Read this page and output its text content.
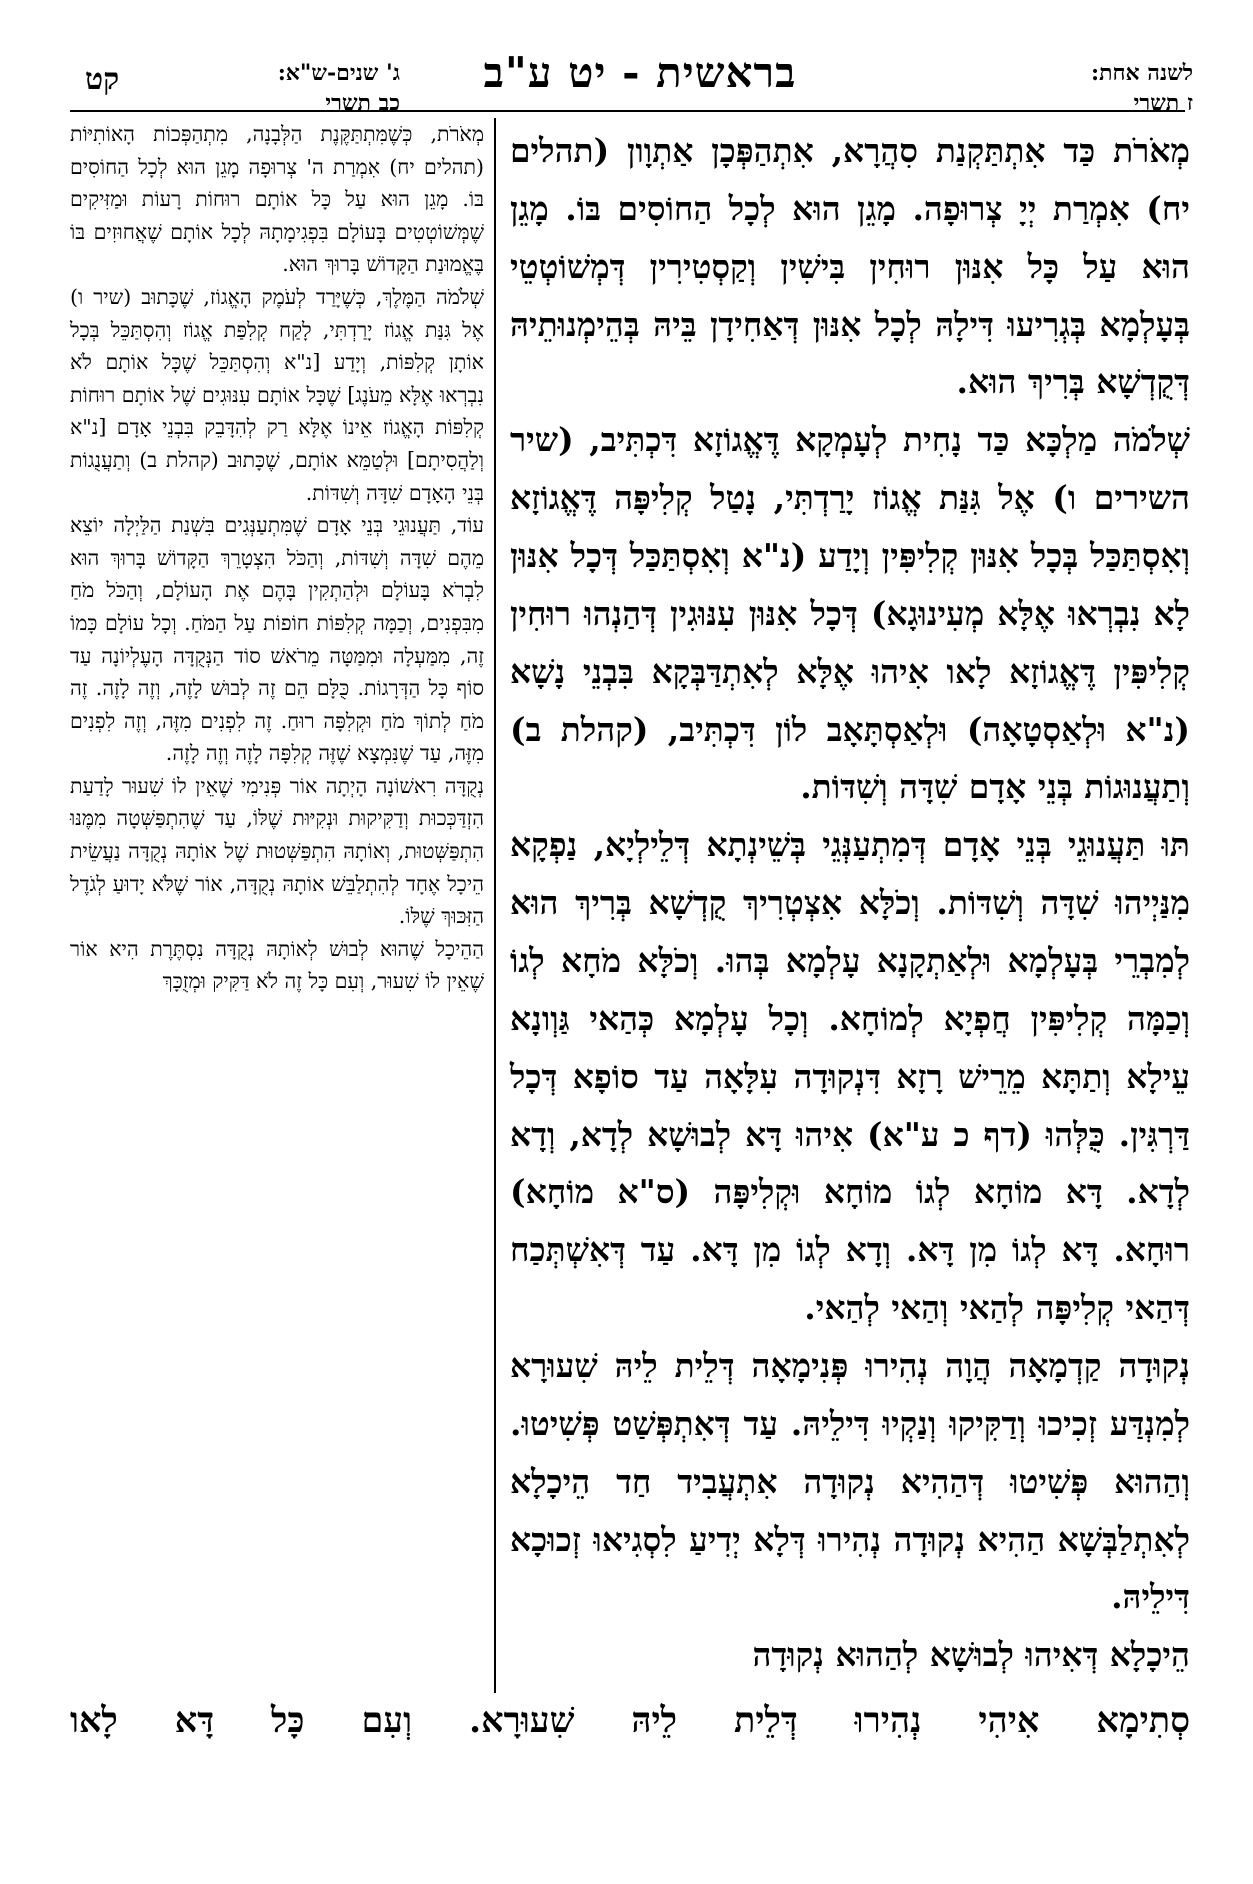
לשנה אחת:
ז תשרי
בראשית - יט ע"ב
ג' שנים-ש"א:
כב תשרי
קט

מְאֹרֹת כַּד אִתְתַּקְנַת סִהֲרָא, אִתְהַפְּכָן אַתְוָון (תהלים יח) אִמְרַת יְיָ צְרוּפָה. מָגֵן הוּא לְכָל הַחוֹסִים בּוֹ. מָגֵן הוּא עַל כָּל אִנּוּן רוּחִין בִּישִׁין וְקַסְטִירִין דְּמְשׁוֹטְטֵי בְּעָלְמָא בְּגְרִיעוּ דִּילָהּ לְכָל אִנּוּן דְּאַחִידָן בֵּיהּ בְּהֵימְנוּתֵיהּ דְּקֻדְשָׁא בְּרִיךְ הוּא.

שְׁלֹמֹה מַלְכָּא כַּד נָחִית לְעָמְקָא דֶּאֱגוֹזָא דִּכְתִּיב, (שיר השירים ו) אֶל גִּנַּת אֱגוֹז יָרַדְתִּי, נָטַל קְלִיפָּה דֶּאֱגוֹזָא וְאִסְתַּכַּל בְּכָל אִנּוּן קְלִיפִּין וְיָדַע (נ"א וְאִסְתַּכַּל דְּכָל אִנּוּן לָא נִבְרְאוּ אֶלָּא מְעִינוּגָא) דְּכָל אִנּוּן עִנּוּגִין דְּהַנְהוּ רוּחִין קְלִיפִּין דֶּאֱגוֹזָא לָאו אִיהוּ אֶלָּא לְאִתְדַּבְּקָא בִּבְנֵי נָשָׁא (נ"א וּלְאַסְטָאָה) וּלְאַסְתָּאָב לוֹן דִּכְתִּיב, (קהלת ב) וְתַעֲנוּגוֹת בְּנֵי אָדָם שִׁדָּה וְשִׁדּוֹת.

תּוּ תַּעֲנוּגֵי בְּנֵי אָדָם דְּמִתְעַנְּגֵי בְּשֵׁינְתָא דְּלֵילְיָא, נַפְקָא מִנַּיְיהוּ שִׁדָּה וְשִׁדּוֹת. וְכֹלָּא אִצְטְרִיךְ קֻדְשָׁא בְּרִיךְ הוּא לְמִבְרֵי בְּעָלְמָא וּלְאַתְקָנָא עָלְמָא בְּהוּ. וְכֹלָּא מֹחָא לְגוֹ וְכַמָּה קְלִיפִּין חֲפְיָא לְמוֹחָא. וְכָל עָלְמָא כְּהַאי גַּוְונָא עֵילָא וְתַתָּא מֵרֵישׁ רָזָא דִּנְקוּדָה עִלָּאָה עַד סוֹפָא דְּכָל דַּרְגִּין. כֻּלְּהוּ (דף כ ע"א) אִיהוּ דָּא לְבוּשָׁא לְדָא, וְדָא לְדָא. דָּא מוֹחָא לְגוֹ מוֹחָא וּקְלִיפָּה (ס"א מוֹחָא) רוּחָא. דָּא לְגוֹ מִן דָּא. וְדָא לְגוֹ מִן דָּא. עַד דְּאִשְׁתְּכַח דְּהַאי קְלִיפָּה לְהַאי וְהַאי לְהַאי.

נְקוּדָה קַדְמָאָה הֲוָה נְהִירוּ פְּנִימָאָה דְּלֵית לֵיהּ שִׁעוּרָא לְמִנְדַּע זְכִיכוּ וְדַקִּיקוּ וְנַקְיוּ דִּילֵיהּ. עַד דְּאִתְפְּשַׁט פְּשִׁיטוּ. וְהַהוּא פְּשִׁיטוּ דְּהַהִיא נְקוּדָה אִתְעֲבִיד חַד הֵיכָלָא לְאִתְלַבְּשָׁא הַהִיא נְקוּדָה נְהִירוּ דְּלָא יְדִיעַ לִסְגִיאוּ זְכוּכָא דִּילֵיהּ.

הֵיכָלָא דְּאִיהוּ לְבוּשָׁא לְהַהוּא נְקוּדָה

מְאֹרֹת, כְּשֶׁמִּתְתַּקֶּנֶת הַלְּבָנָה, מִתְהַפְּכוֹת הָאוֹתִיּוֹת (תהלים יח) אִמְרַת ה' צְרוּפָה מָגֵן הוּא לְכָל הַחוֹסִים בּוֹ. מָגֵן הוּא עַל כָּל אוֹתָם רוּחוֹת רָעוֹת וּמַזִּיקִים שֶׁמְּשׁוֹטְטִים בָּעוֹלָם בִּפְגִימָתָהּ לְכָל אוֹתָם שֶׁאֲחוּזִים בּוֹ בֶּאֱמוּנַת הַקָּדוֹשׁ בָּרוּךְ הוּא.

שְׁלֹמֹה הַמֶּלֶךְ, כְּשֶׁיָּרַד לְעֹמֶק הָאֱגוֹז, שֶׁכָּתוּב (שיר ו) אֶל גִּנַּת אֱגוֹז יָרַדְתִּי, לָקַח קְלִפַּת אֱגוֹז וְהִסְתַּכֵּל בְּכָל אוֹתָן קְלִפּוֹת, וְיָדַע [נ"א וְהִסְתַּכֵּל שֶׁכָּל אוֹתָם לֹא נִבְרְאוּ אֶלָּא מֵעֹנֶג] שֶׁכָּל אוֹתָם עִנּוּגִים שֶׁל אוֹתָם רוּחוֹת קְלִפּוֹת הָאֱגוֹז אֵינוֹ אֶלָּא רַק לְהִדָּבֵק בִּבְנֵי אָדָם [נ"א וְלַהֲסִיתָם] וּלְטַמֵּא אוֹתָם, שֶׁכָּתוּב (קהלת ב) וְתַעֲנֻגוֹת בְּנֵי הָאָדָם שִׁדָּה וְשִׁדּוֹת.

עוֹד, תַּעֲנוּגֵי בְּנֵי אָדָם שֶׁמִּתְעַנְּגִים בִּשְׁנַת הַלַּיְלָה יוֹצֵא מֵהֶם שִׁדָּה וְשִׁדּוֹת, וְהַכֹּל הִצְטָרֵךְ הַקָּדוֹשׁ בָּרוּךְ הוּא לִבְרֹא בָּעוֹלָם וּלְהַתְקִין בָּהֶם אֶת הָעוֹלָם, וְהַכֹּל מֹחַ מִבִּפְנִים, וְכַמָּה קְלִפּוֹת חוֹפוֹת עַל הַמֹּחַ. וְכָל עוֹלָם כָּמוֹ זֶה, מִמַּעְלָה וּמִמַּטָּה מֵרֹאשׁ סוֹד הַנְּקֻדָּה הָעֶלְיוֹנָה עַד סוֹף כָּל הַדְּרָגוֹת. כֻּלָּם הֵם זֶה לְבוּשׁ לָזֶה, וְזֶה לָזֶה. זֶה מֹחַ לְתוֹךְ מֹחַ וּקְלִפָּה רוּחַ. זֶה לִפְנִים מִזֶּה, וְזֶה לִפְנִים מִזֶּה, עַד שֶׁנִּמְצָא שֶׁזֶּה קְלִפָּה לָזֶה וְזֶה לָזֶה.

נְקֻדָּה רִאשׁוֹנָה הָיְתָה אוֹר פְּנִימִי שֶׁאֵין לוֹ שִׁעוּר לָדַעַת הִזְדַּכְּכוּת וְדַקִּיקוּת וּנְקִיּוּת שֶׁלּוֹ, עַד שֶׁהִתְפַּשְּׁטָה מִמֶּנּוּ הִתְפַּשְּׁטוּת, וְאוֹתָהּ הִתְפַּשְּׁטוּת שֶׁל אוֹתָהּ נְקֻדָּה נַעֲשֵׂית הֵיכָל אֶחָד לְהִתְלַבֵּשׁ אוֹתָהּ נְקֻדָּה, אוֹר שֶׁלֹּא יָדוּעַ לְגֹדֶל הַזִּכּוּךְ שֶׁלּוֹ.

הַהֵיכָל שֶׁהוּא לְבוּשׁ לְאוֹתָהּ נְקֻדָּה נִסְתֶּרֶת הִיא אוֹר שֶׁאֵין לוֹ שִׁעוּר, וְעִם כָּל זֶה לֹא דַּקִּיק וּמְזֻכָּךְ

סְתִימָא אִיהִי נְהִירוּ דְּלֵית לֵיהּ שִׁעוּרָא. וְעִם כָּל דָּא לָאו
